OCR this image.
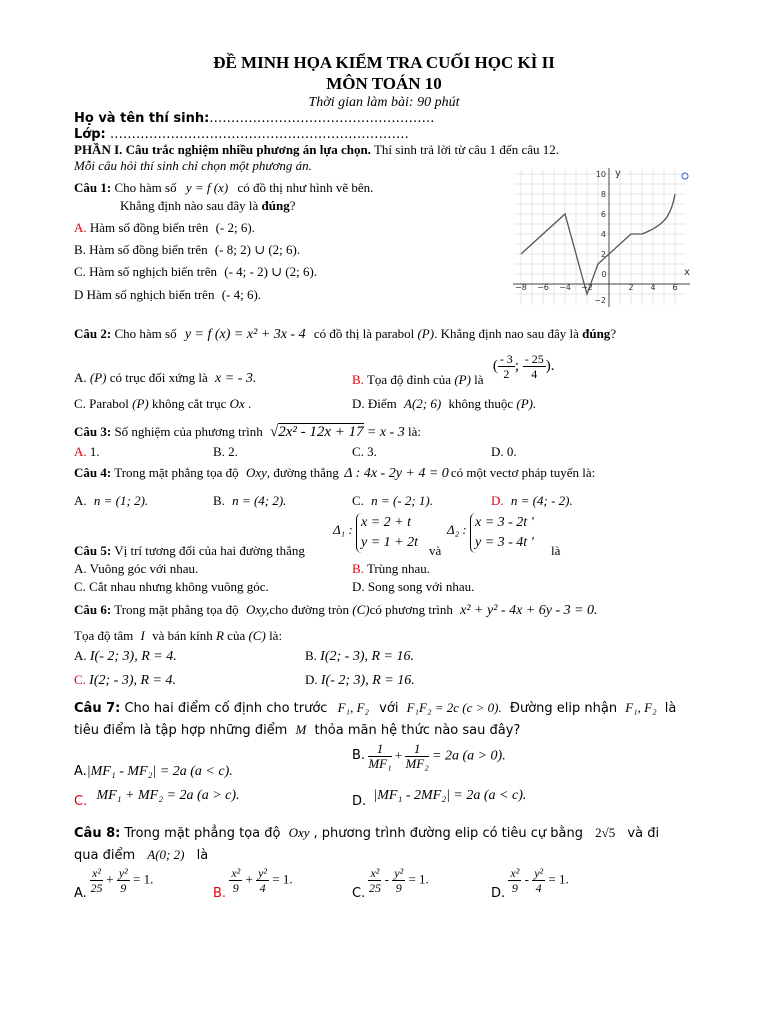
ĐỀ MINH HỌA KIỂM TRA CUỐI HỌC KÌ II
MÔN TOÁN 10
Thời gian làm bài: 90 phút
Họ và tên thí sinh:…………………………………………….
Lớp: ……………………………………………………………
PHẦN I. Câu trắc nghiệm nhiều phương án lựa chọn. Thí sinh trả lời từ câu 1 đến câu 12.
Mỗi câu hỏi thí sinh chỉ chọn một phương án.
Câu 1: Cho hàm số y = f (x) có đồ thị như hình vẽ bên.
Khẳng định nào sau đây là đúng?
A. Hàm số đồng biến trên (- 2; 6).
B. Hàm số đồng biến trên (- 8; 2) ∪ (2; 6).
C. Hàm số nghịch biến trên (- 4; - 2) ∪ (2; 6).
D Hàm số nghịch biến trên (- 4; 6).	−8 −6 −4 −2	2 4 6
10
8
6
4
2
−2
0
y
x
Câu 2: Cho hàm số y = f (x) = x² + 3x - 4 có đồ thị là parabol (P). Khẳng định nao sau đây là đúng?
A. (P) có trục đối xứng là x = - 3.	B. Tọa độ đỉnh của (P) là ( $\frac{- 3}{2}$ ; $\frac{- 25}{4}$ ).
C. Parabol (P) không cắt trục Ox .	D. Điểm A(2; 6) không thuộc (P).
Câu 3: Số nghiệm của phương trình √2x² - 12x + 17 = x - 3 là:
A. 1.	B. 2.	C. 3.	D. 0.
Câu 4: Trong mặt phẳng tọa độ Oxy, đường thẳng Δ : 4x - 2y + 4 = 0 có một vectơ pháp tuyến là:
A. n = (1; 2).	B. n = (4; 2).	C. n = (- 2; 1).	D. n = (4; - 2).
Câu 5: Vị trí tương đối của hai đường thẳng
Δ₁ : x = 2 + t
y = 1 + 2t
và
Δ₂ : x = 3 - 2t '
y = 3 - 4t '
là
A. Vuông góc với nhau.	B. Trùng nhau.
C. Cắt nhau nhưng không vuông góc.	D. Song song với nhau.
Câu 6: Trong mặt phẳng tọa độ Oxy,cho đường tròn (C)có phương trình x² + y² - 4x + 6y - 3 = 0.
Tọa độ tâm I và bán kính R của (C) là:
A. I(- 2; 3), R = 4.	B. I(2; - 3), R = 16.
C. I(2; - 3), R = 4.	D. I(- 2; 3), R = 16.
Câu 7: Cho hai điểm cố định cho trước F₁, F₂ với F₁F₂ = 2c (c > 0). Đường elip nhận F₁, F₂ là
tiêu điểm là tập hợp những điểm M thỏa mãn hệ thức nào sau đây?
A.|MF₁ - MF₂| = 2a (a < c).
B. $\frac{1}{\text{MF₁}} + \frac{1}{\text{MF₂}} = 2a$ (a > 0).
C. MF₁ + MF₂ = 2a (a > c).	D. |MF₁ - 2MF₂| = 2a (a < c).
Câu 8: Trong mặt phẳng tọa độ Oxy , phương trình đường elip có tiêu cự bằng 2√5 và đi
qua điểm A(0; 2) là
A. $\frac{\text{x²}}{25} + \frac{\text{y²}}{9} = 1$.
B. $\frac{\text{x²}}{9} + \frac{\text{y²}}{4} = 1$.
C. $\frac{\text{x²}}{25} - \frac{\text{y²}}{9} = 1$.
D. $\frac{\text{x²}}{9} - \frac{\text{y²}}{4} = 1$.
